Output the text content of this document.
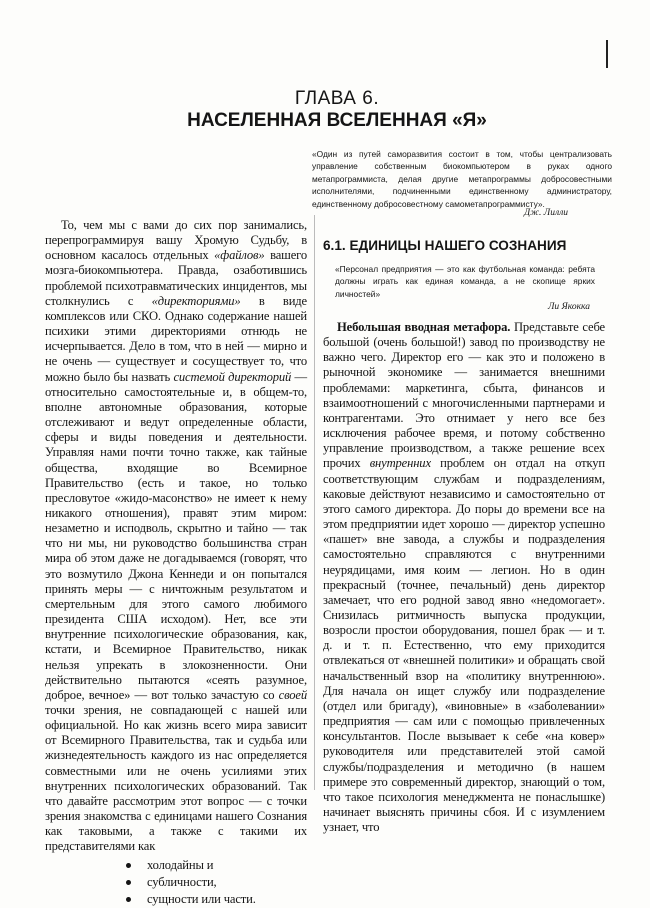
ГЛАВА 6.
НАСЕЛЕННАЯ ВСЕЛЕННАЯ «Я»
«Один из путей саморазвития состоит в том, чтобы централизовать управление собственным биокомпьютером в руках одного метапрограммиста, делая другие метапрограммы добросовестными исполнителями, подчиненными единственному администратору, единственному добросовестному самометапрограммисту».
Дж. Лилли

То, чем мы с вами до сих пор занимались, перепрограммируя вашу Хромую Судьбу, в основном касалось отдельных «файлов» вашего мозга-биокомпьютера. Правда, озаботившись проблемой психотравматических инцидентов, мы столкнулись с «директориями» в виде комплексов или СКО. Однако содержание нашей психики этими директориями отнюдь не исчерпывается. Дело в том, что в ней — мирно и не очень — существует и сосуществует то, что можно было бы назвать системой директорий — относительно самостоятельные и, в общем-то, вполне автономные образования, которые отслеживают и ведут определенные области, сферы и виды поведения и деятельности. Управляя нами почти точно также, как тайные общества, входящие во Всемирное Правительство (есть и такое, но только пресловутое «жидо-масонство» не имеет к нему никакого отношения), правят этим миром: незаметно и исподволь, скрытно и тайно — так что ни мы, ни руководство большинства стран мира об этом даже не догадываемся (говорят, что это возмутило Джона Кеннеди и он попытался принять меры — с ничтожным результатом и смертельным для этого самого любимого президента США исходом). Нет, все эти внутренние психологические образования, как, кстати, и Всемирное Правительство, никак нельзя упрекать в злокозненности. Они действительно пытаются «сеять разумное, доброе, вечное» — вот только зачастую со своей точки зрения, не совпадающей с нашей или официальной. Но как жизнь всего мира зависит от Всемирного Правительства, так и судьба или жизнедеятельность каждого из нас определяется совместными или не очень усилиями этих внутренних психологических образований. Так что давайте рассмотрим этот вопрос — с точки зрения знакомства с единицами нашего Сознания как таковыми, а также с такими их представителями как

холодайны и
субличности,
сущности или части.
6.1. ЕДИНИЦЫ НАШЕГО СОЗНАНИЯ
«Персонал предприятия — это как футбольная команда: ребята должны играть как единая команда, а не скопище ярких личностей»
Ли Якокка

Небольшая вводная метафора. Представьте себе большой (очень большой!) завод по производству не важно чего. Директор его — как это и положено в рыночной экономике — занимается внешними проблемами: маркетинга, сбыта, финансов и взаимоотношений с многочисленными партнерами и контрагентами. Это отнимает у него все без исключения рабочее время, и потому собственно управление производством, а также решение всех прочих внутренних проблем он отдал на откуп соответствующим службам и подразделениям, каковые действуют независимо и самостоятельно от этого самого директора. До поры до времени все на этом предприятии идет хорошо — директор успешно «пашет» вне завода, а службы и подразделения самостоятельно справляются с внутренними неурядицами, имя коим — легион. Но в один прекрасный (точнее, печальный) день директор замечает, что его родной завод явно «недомогает». Снизилась ритмичность выпуска продукции, возросли простои оборудования, пошел брак — и т. д. и т. п. Естественно, что ему приходится отвлекаться от «внешней политики» и обращать свой начальственный взор на «политику внутреннюю». Для начала он ищет службу или подразделение (отдел или бригаду), «виновные» в «заболевании» предприятия — сам или с помощью привлеченных консультантов. После вызывает к себе «на ковер» руководителя или представителей этой самой службы/подразделения и методично (в нашем примере это современный директор, знающий о том, что такое психология менеджмента не понаслышке) начинает выяснять причины сбоя. И с изумлением узнает, что
